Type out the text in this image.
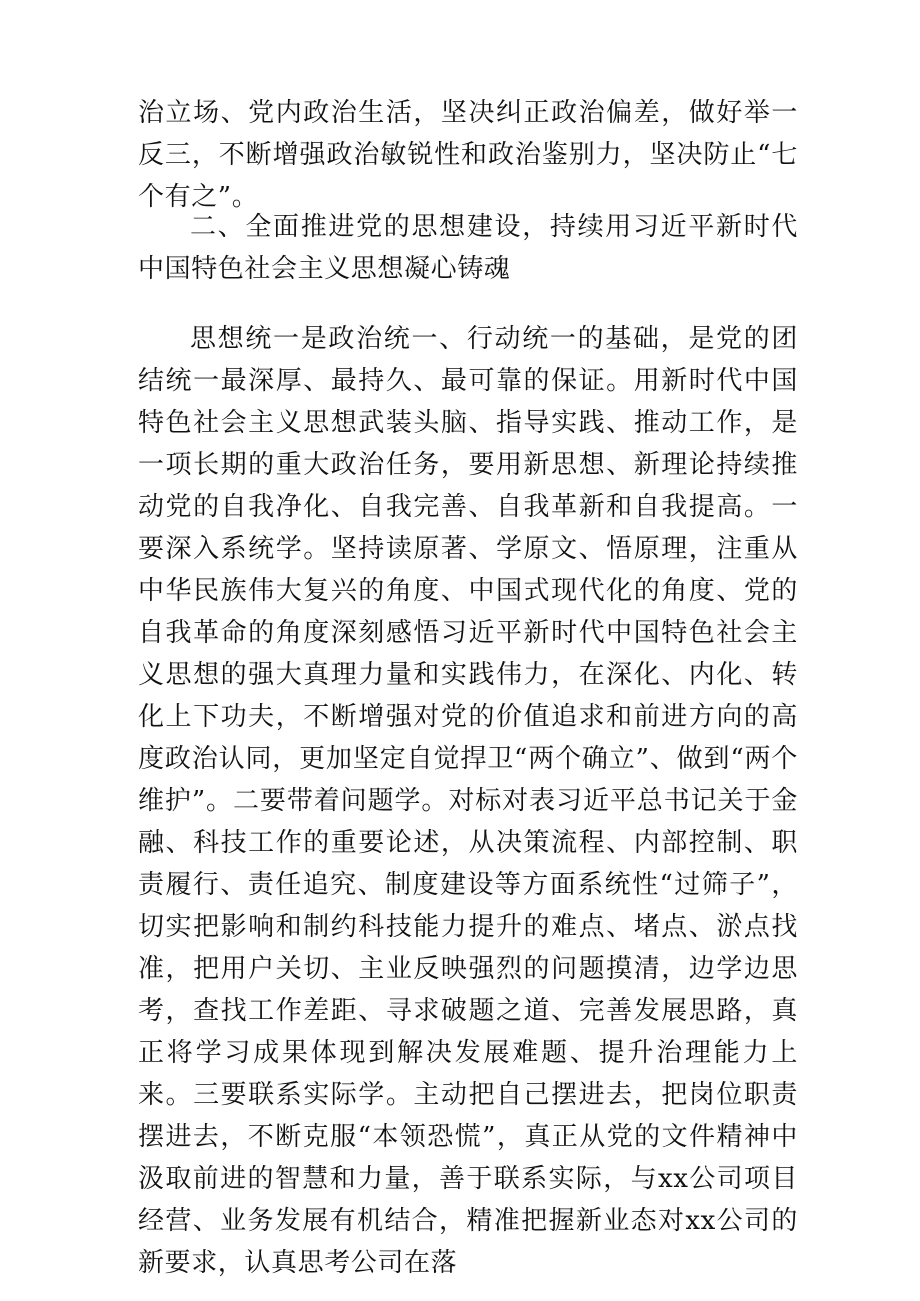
治立场、党内政治生活，坚决纠正政治偏差，做好举一反三，不断增强政治敏锐性和政治鉴别力，坚决防止“七个有之”。
二、全面推进党的思想建设，持续用习近平新时代中国特色社会主义思想凝心铸魂
思想统一是政治统一、行动统一的基础，是党的团结统一最深厚、最持久、最可靠的保证。用新时代中国特色社会主义思想武装头脑、指导实践、推动工作，是一项长期的重大政治任务，要用新思想、新理论持续推动党的自我净化、自我完善、自我革新和自我提高。一要深入系统学。坚持读原著、学原文、悟原理，注重从中华民族伟大复兴的角度、中国式现代化的角度、党的自我革命的角度深刻感悟习近平新时代中国特色社会主义思想的强大真理力量和实践伟力，在深化、内化、转化上下功夫，不断增强对党的价值追求和前进方向的高度政治认同，更加坚定自觉捍卫“两个确立”、做到“两个维护”。二要带着问题学。对标对表习近平总书记关于金融、科技工作的重要论述，从决策流程、内部控制、职责履行、责任追究、制度建设等方面系统性“过筛子”，切实把影响和制约科技能力提升的难点、堵点、淤点找准，把用户关切、主业反映强烈的问题摸清，边学边思考，查找工作差距、寻求破题之道、完善发展思路，真正将学习成果体现到解决发展难题、提升治理能力上来。三要联系实际学。主动把自己摆进去，把岗位职责摆进去，不断克服“本领恐慌”，真正从党的文件精神中汲取前进的智慧和力量，善于联系实际，与xx公司项目经营、业务发展有机结合，精准把握新业态对xx公司的新要求，认真思考公司在落
